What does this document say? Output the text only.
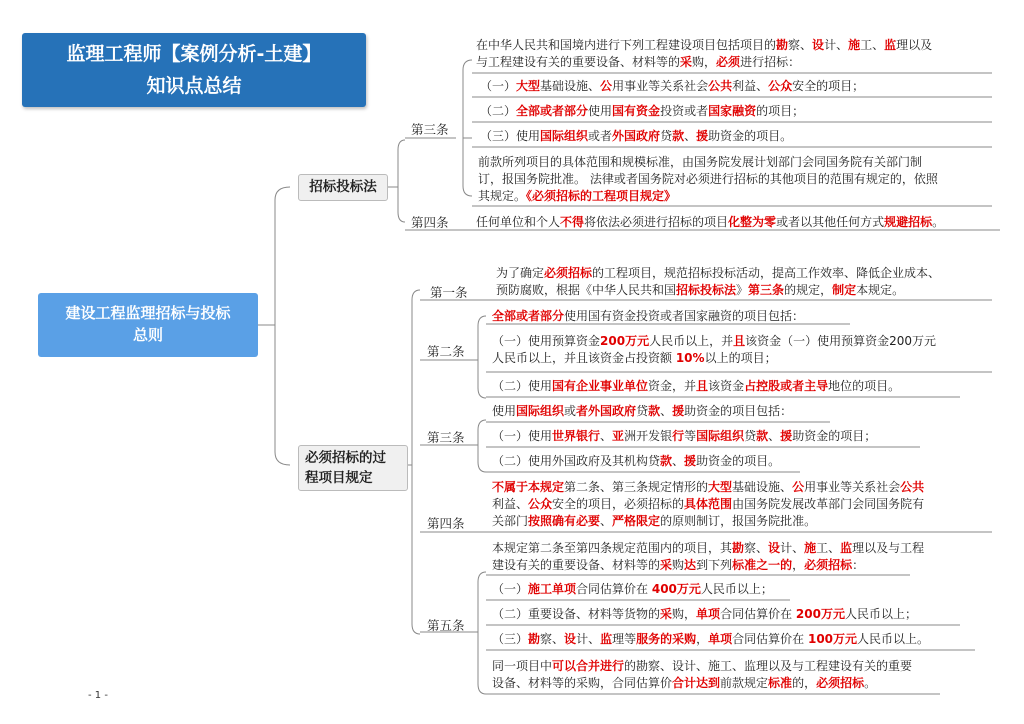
监理工程师【案例分析-土建】
知识点总结
建设工程监理招标与投标
总则
招标投标法
必须招标的过
程项目规定
第三条
第四条
第一条
第二条
第三条
第四条
第五条
在中华人民共和国境内进行下列工程建设项目包括项目的勘察、设计、施工、监理以及
与工程建设有关的重要设备、材料等的采购，必须进行招标：
（一）大型基础设施、公用事业等关系社会公共利益、公众安全的项目；
（二）全部或者部分使用国有资金投资或者国家融资的项目；
（三）使用国际组织或者外国政府贷款、援助资金的项目。
前款所列项目的具体范围和规模标准，由国务院发展计划部门会同国务院有关部门制
订，报国务院批准。 法律或者国务院对必须进行招标的其他项目的范围有规定的，依照
其规定。《必须招标的工程项目规定》
任何单位和个人不得将依法必须进行招标的项目化整为零或者以其他任何方式规避招标。
为了确定必须招标的工程项目，规范招标投标活动，提高工作效率、降低企业成本、
预防腐败，根据《中华人民共和国招标投标法》第三条的规定，制定本规定。
全部或者部分使用国有资金投资或者国家融资的项目包括：
（一）使用预算资金200万元人民币以上，并且该资金（一）使用预算资金200万元
人民币以上，并且该资金占投资额 10%以上的项目；
（二）使用国有企业事业单位资金，并且该资金占控股或者主导地位的项目。
使用国际组织或者外国政府贷款、援助资金的项目包括：
（一）使用世界银行、亚洲开发银行等国际组织贷款、援助资金的项目；
（二）使用外国政府及其机构贷款、援助资金的项目。
不属于本规定第二条、第三条规定情形的大型基础设施、公用事业等关系社会公共
利益、公众安全的项目，必须招标的具体范围由国务院发展改革部门会同国务院有
关部门按照确有必要、严格限定的原则制订，报国务院批准。
本规定第二条至第四条规定范围内的项目，其勘察、设计、施工、监理以及与工程
建设有关的重要设备、材料等的采购达到下列标准之一的，必须招标：
（一）施工单项合同估算价在 400万元人民币以上；
（二）重要设备、材料等货物的采购，单项合同估算价在 200万元人民币以上；
（三）勘察、设计、监理等服务的采购，单项合同估算价在 100万元人民币以上。
同一项目中可以合并进行的勘察、设计、施工、监理以及与工程建设有关的重要
设备、材料等的采购，合同估算价合计达到前款规定标准的，必须招标。
- 1 -
